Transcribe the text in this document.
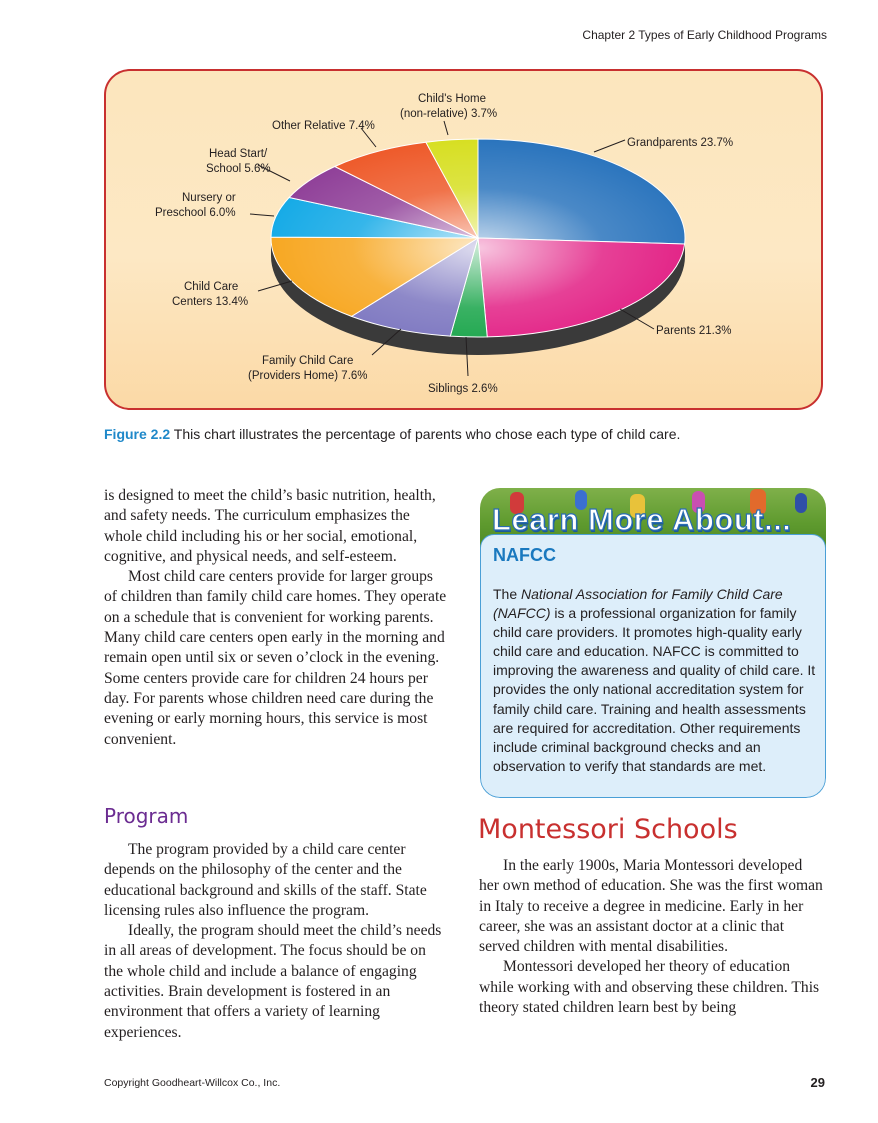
Chapter 2 Types of Early Childhood Programs
Grandparents 23.7%
Parents 21.3%
Siblings 2.6%
Family Child Care
(Providers Home) 7.6%
Child Care
Centers 13.4%
Nursery or
Preschool 6.0%
Head Start/
School 5.6%
Other Relative 7.4%
Child's Home
(non-relative) 3.7%
Figure 2.2 This chart illustrates the percentage of parents who chose each type of child care.

is designed to meet the child’s basic nutrition, health, and safety needs. The curriculum emphasizes the whole child including his or her social, emotional, cognitive, and physical needs, and self-esteem.

Most child care centers provide for larger groups of children than family child care homes. They operate on a schedule that is convenient for working parents. Many child care centers open early in the morning and remain open until six or seven o’clock in the evening. Some centers provide care for children 24 hours per day. For parents whose children need care during the evening or early morning hours, this service is most convenient.

Program

The program provided by a child care center depends on the philosophy of the center and the educational background and skills of the staff. State licensing rules also influence the program.

Ideally, the program should meet the child’s needs in all areas of development. The focus should be on the whole child and include a balance of engaging activities. Brain development is fostered in an environment that offers a variety of learning experiences.

NAFCC
The National Association for Family Child Care (NAFCC) is a professional organization for family child care providers. It promotes high-quality early child care and education. NAFCC is committed to improving the awareness and quality of child care. It provides the only national accreditation system for family child care. Training and health assessments are required for accreditation. Other requirements include criminal background checks and an observation to verify that standards are met.
Learn More About...
Montessori Schools

In the early 1900s, Maria Montessori developed her own method of education. She was the first woman in Italy to receive a degree in medicine. Early in her career, she was an assistant doctor at a clinic that served children with mental disabilities.

Montessori developed her theory of education while working with and observing these children. This theory stated children learn best by being

Copyright Goodheart-Willcox Co., Inc.	29
